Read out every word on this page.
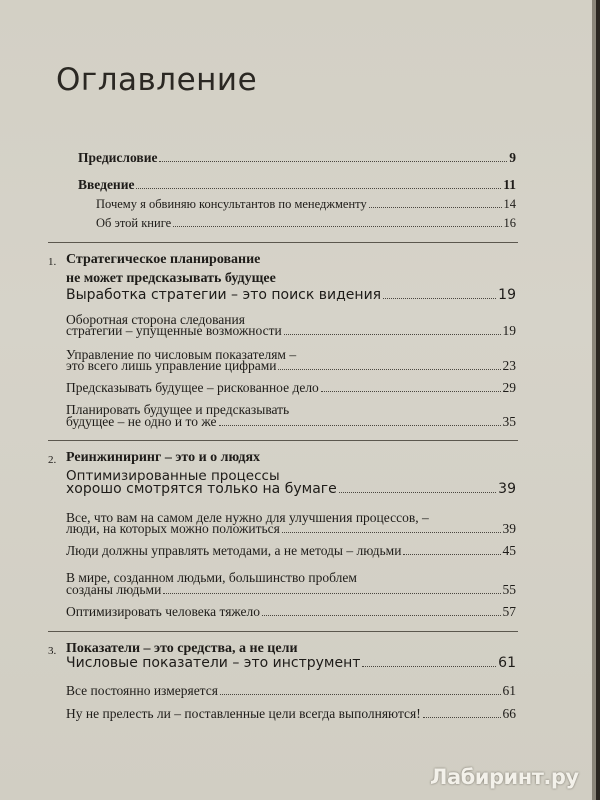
Оглавление
Предисловие	9
Введение	11
Почему я обвиняю консультантов по менеджменту	14
Об этой книге	16
1. Стратегическое планирование
не может предсказывать будущее
Выработка стратегии – это поиск видения	19
Оборотная сторона следования
стратегии – упущенные возможности	19
Управление по числовым показателям –
это всего лишь управление цифрами	23
Предсказывать будущее – рискованное дело	29
Планировать будущее и предсказывать
будущее – не одно и то же	35
2. Реинжиниринг – это и о людях
Оптимизированные процессы
хорошо смотрятся только на бумаге	39
Все, что вам на самом деле нужно для улучшения процессов, –
люди, на которых можно положиться	39
Люди должны управлять методами, а не методы – людьми	45
В мире, созданном людьми, большинство проблем
созданы людьми	55
Оптимизировать человека тяжело	57
3. Показатели – это средства, а не цели
Числовые показатели – это инструмент	61
Все постоянно измеряется	61
Ну не прелесть ли – поставленные цели всегда выполняются!	66
Лабиринт.ру
